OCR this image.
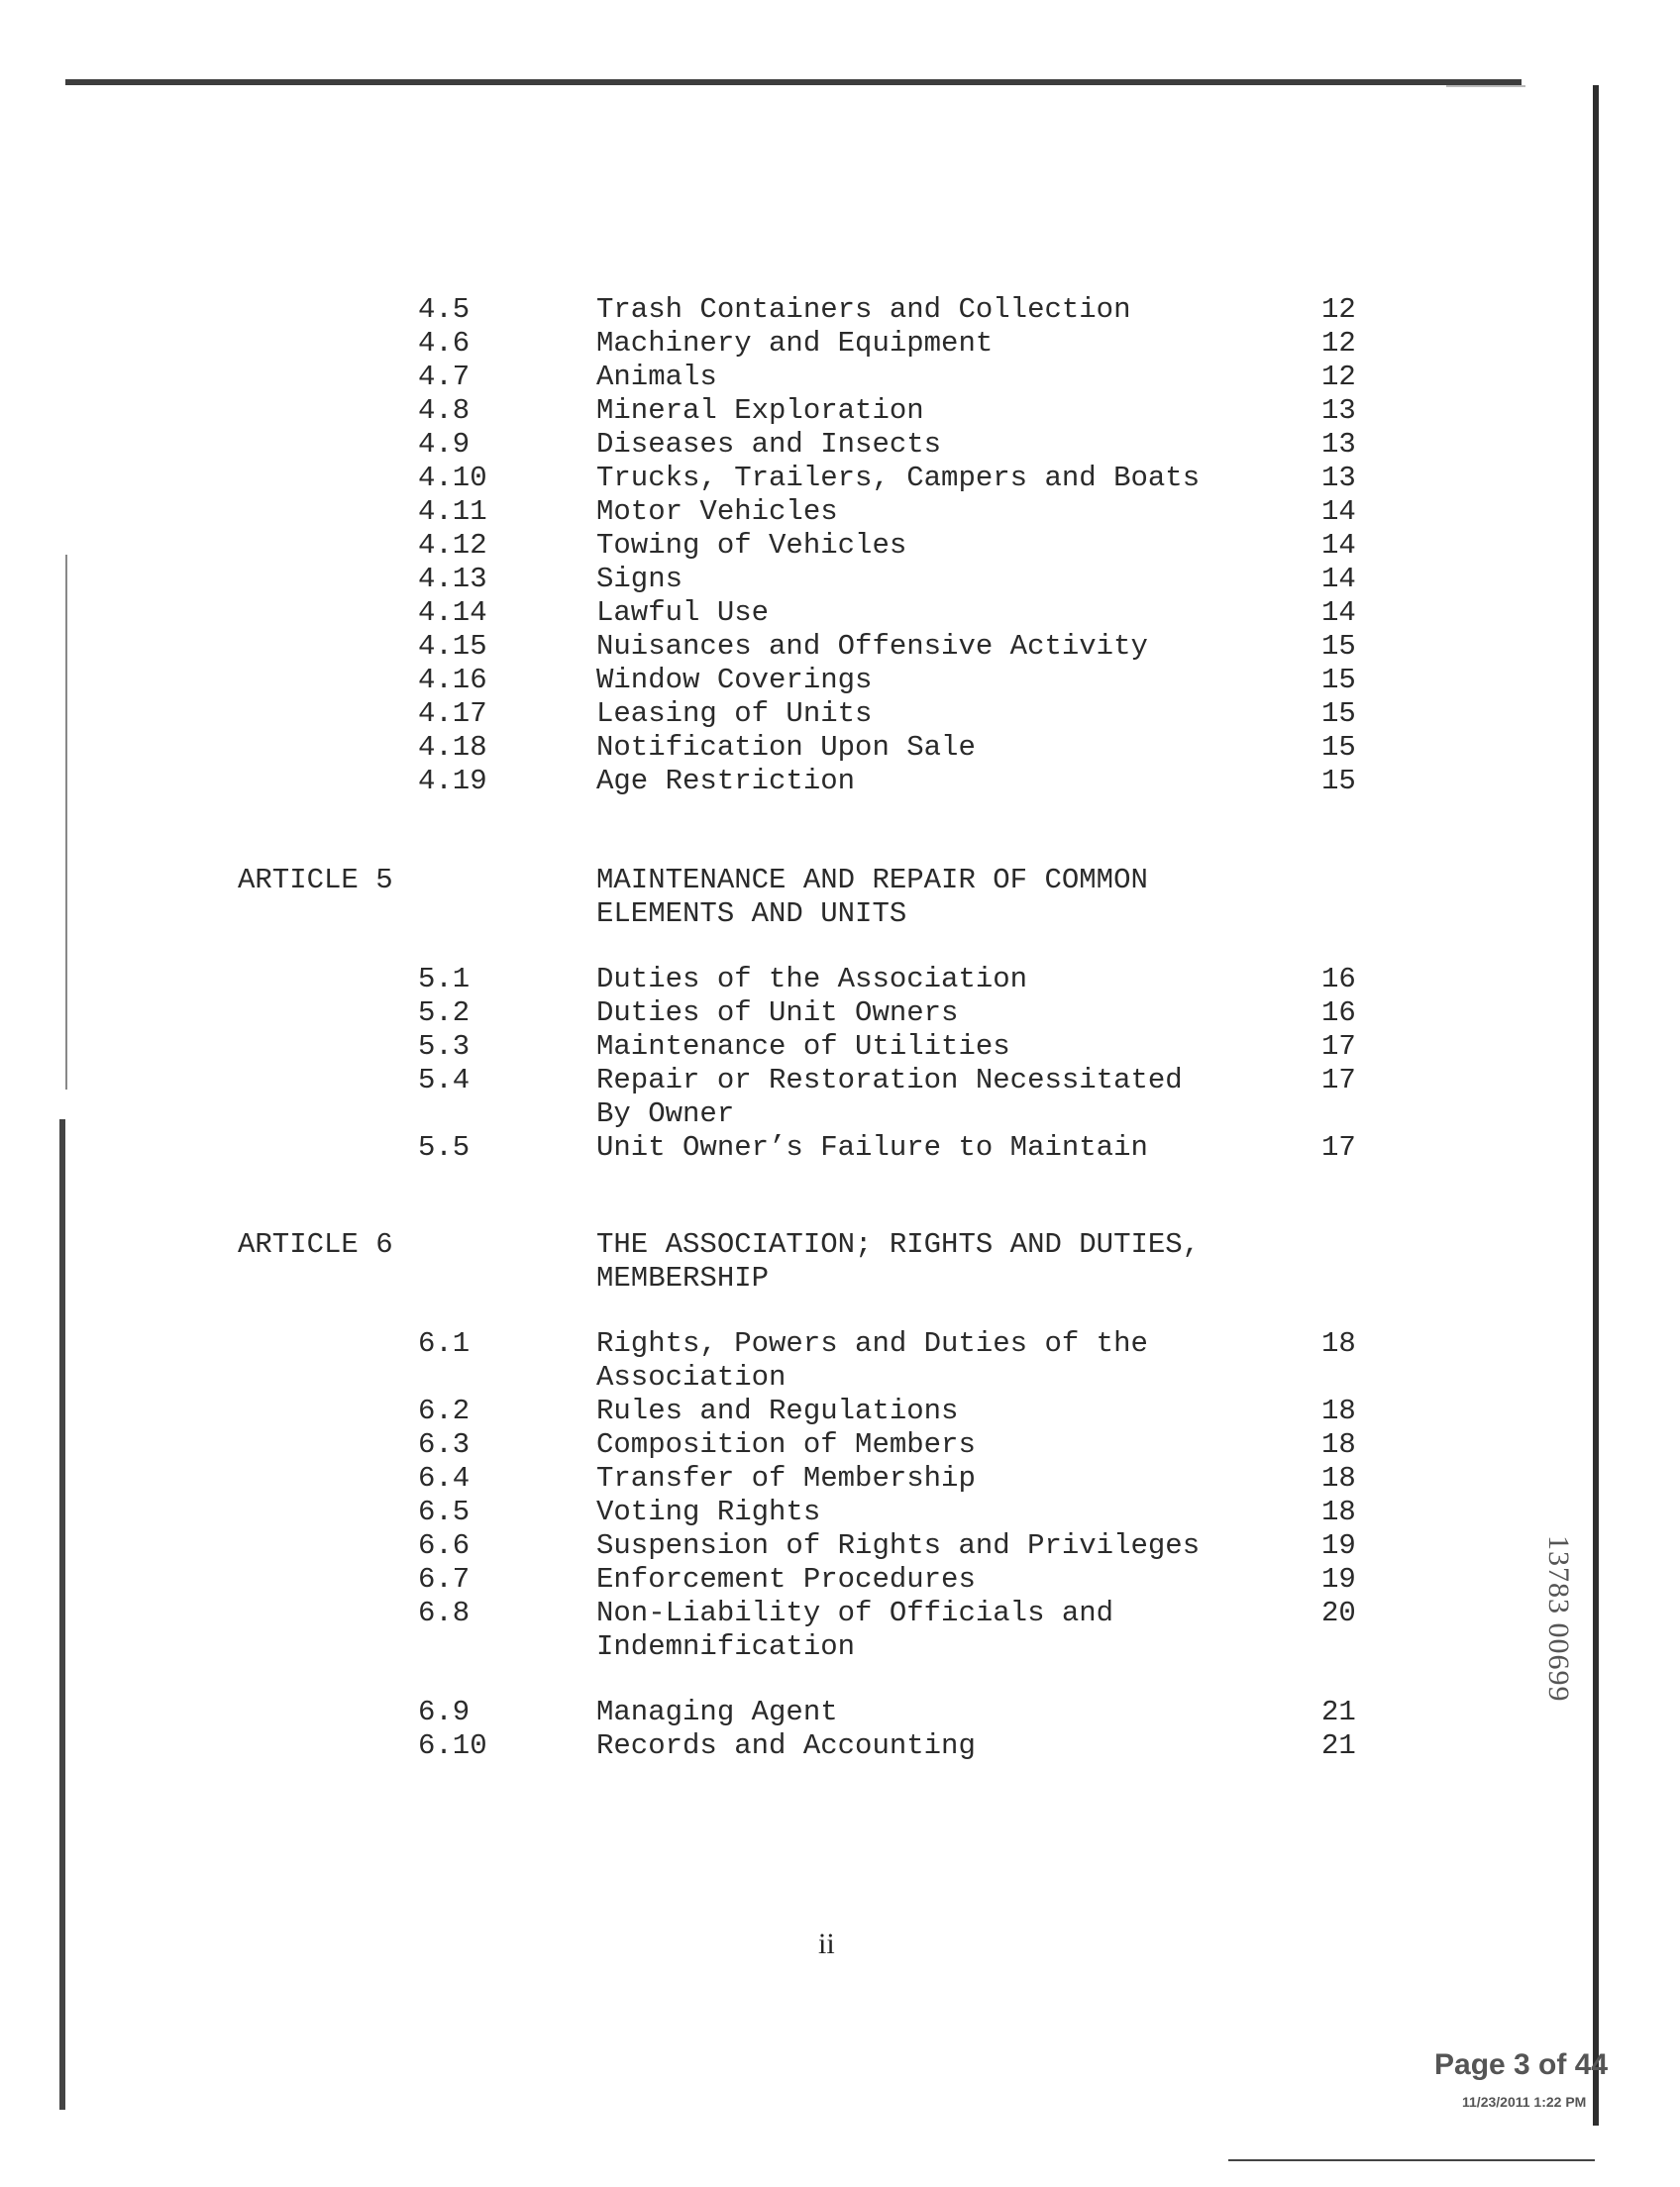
4.5	Trash Containers and Collection	12
4.6	Machinery and Equipment	12
4.7	Animals	12
4.8	Mineral Exploration	13
4.9	Diseases and Insects	13
4.10	Trucks, Trailers, Campers and Boats	13
4.11	Motor Vehicles	14
4.12	Towing of Vehicles	14
4.13	Signs	14
4.14	Lawful Use	14
4.15	Nuisances and Offensive Activity	15
4.16	Window Coverings	15
4.17	Leasing of Units	15
4.18	Notification Upon Sale	15
4.19	Age Restriction	15
ARTICLE 5	MAINTENANCE AND REPAIR OF COMMON
ELEMENTS AND UNITS
5.1	Duties of the Association	16
5.2	Duties of Unit Owners	16
5.3	Maintenance of Utilities	17
5.4	Repair or Restoration Necessitated	17
By Owner
5.5	Unit Owner’s Failure to Maintain	17
ARTICLE 6	THE ASSOCIATION; RIGHTS AND DUTIES,
MEMBERSHIP
6.1	Rights, Powers and Duties of the	18
Association
6.2	Rules and Regulations	18
6.3	Composition of Members	18
6.4	Transfer of Membership	18
6.5	Voting Rights	18
6.6	Suspension of Rights and Privileges	19
6.7	Enforcement Procedures	19
6.8	Non-Liability of Officials and	20
Indemnification
6.9	Managing Agent	21
6.10	Records and Accounting	21
13783 00699
ii
Page 3 of 44
11/23/2011 1:22 PM
